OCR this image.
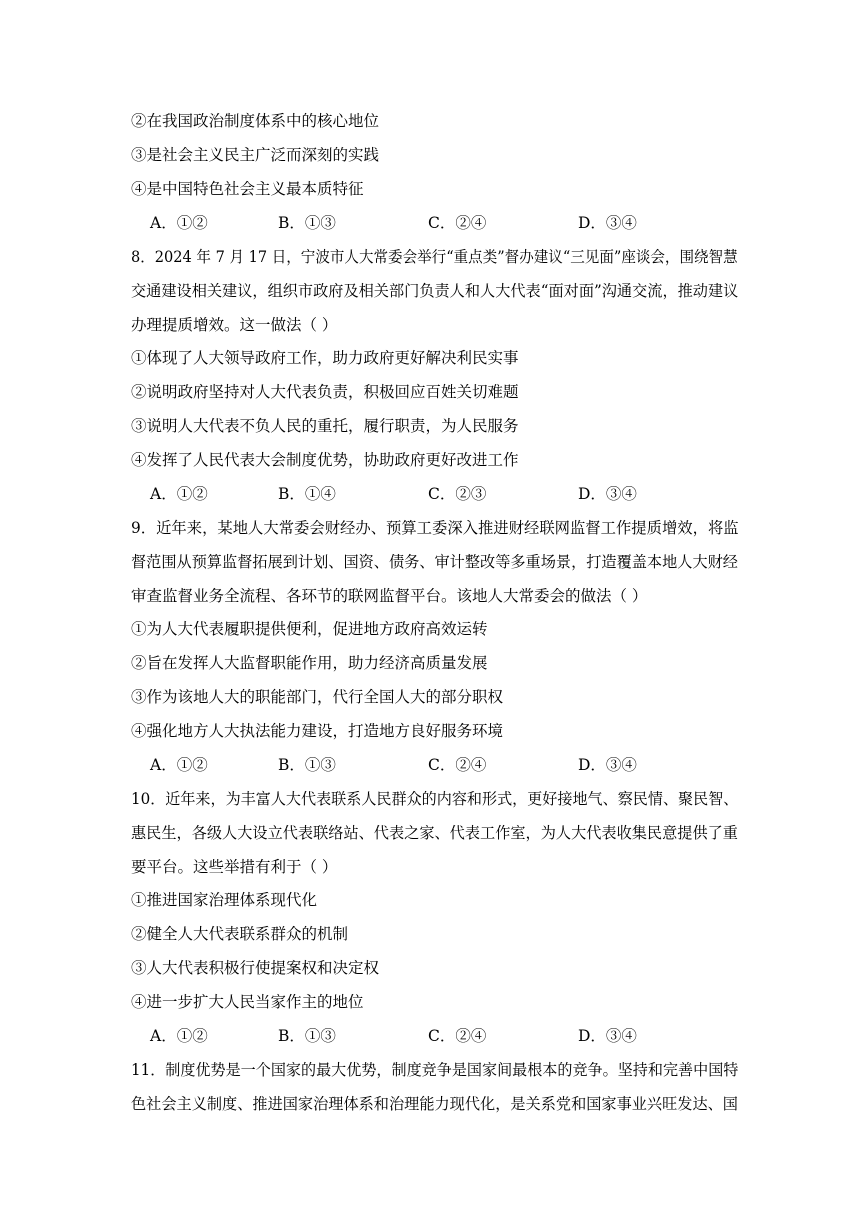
②在我国政治制度体系中的核心地位
③是社会主义民主广泛而深刻的实践
④是中国特色社会主义最本质特征
A．①②	B．①③	C．②④	D．③④
8．2024 年 7 月 17 日，宁波市人大常委会举行“重点类”督办建议“三见面”座谈会，围绕智慧
交通建设相关建议，组织市政府及相关部门负责人和人大代表“面对面”沟通交流，推动建议
办理提质增效。这一做法（ ）
①体现了人大领导政府工作，助力政府更好解决利民实事
②说明政府坚持对人大代表负责，积极回应百姓关切难题
③说明人大代表不负人民的重托，履行职责，为人民服务
④发挥了人民代表大会制度优势，协助政府更好改进工作
A．①②	B．①④	C．②③	D．③④
9．近年来，某地人大常委会财经办、预算工委深入推进财经联网监督工作提质增效，将监
督范围从预算监督拓展到计划、国资、债务、审计整改等多重场景，打造覆盖本地人大财经
审查监督业务全流程、各环节的联网监督平台。该地人大常委会的做法（ ）
①为人大代表履职提供便利，促进地方政府高效运转
②旨在发挥人大监督职能作用，助力经济高质量发展
③作为该地人大的职能部门，代行全国人大的部分职权
④强化地方人大执法能力建设，打造地方良好服务环境
A．①②	B．①③	C．②④	D．③④
10．近年来，为丰富人大代表联系人民群众的内容和形式，更好接地气、察民情、聚民智、
惠民生，各级人大设立代表联络站、代表之家、代表工作室，为人大代表收集民意提供了重
要平台。这些举措有利于（ ）
①推进国家治理体系现代化
②健全人大代表联系群众的机制
③人大代表积极行使提案权和决定权
④进一步扩大人民当家作主的地位
A．①②	B．①③	C．②④	D．③④
11．制度优势是一个国家的最大优势，制度竞争是国家间最根本的竞争。坚持和完善中国特
色社会主义制度、推进国家治理体系和治理能力现代化，是关系党和国家事业兴旺发达、国
